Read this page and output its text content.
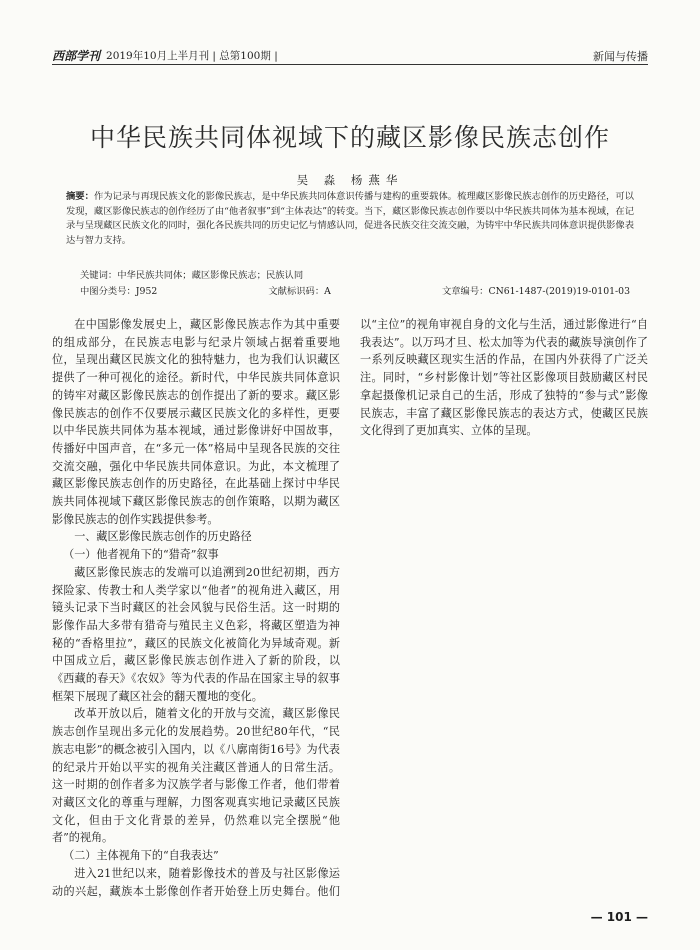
西部学刊 2019年10月上半月刊 | 总第100期 |	新闻与传播
中华民族共同体视域下的藏区影像民族志创作
吴 淼 杨燕华
摘要：作为记录与再现民族文化的影像民族志，是中华民族共同体意识传播与建构的重要载体。梳理藏区影像民族志创作的历史路径，可以发现，藏区影像民族志的创作经历了由“他者叙事”到“主体表达”的转变。当下，藏区影像民族志创作要以中华民族共同体为基本视域，在记录与呈现藏区民族文化的同时，强化各民族共同的历史记忆与情感认同，促进各民族交往交流交融，为铸牢中华民族共同体意识提供影像表达与智力支持。
关键词：中华民族共同体；藏区影像民族志；民族认同
中图分类号：J952	文献标识码：A	文章编号：CN61-1487-(2019)19-0101-03

在中国影像发展史上，藏区影像民族志作为其中重要的组成部分，在民族志电影与纪录片领域占据着重要地位，呈现出藏区民族文化的独特魅力，也为我们认识藏区提供了一种可视化的途径。新时代，中华民族共同体意识的铸牢对藏区影像民族志的创作提出了新的要求。藏区影像民族志的创作不仅要展示藏区民族文化的多样性，更要以中华民族共同体为基本视域，通过影像讲好中国故事，传播好中国声音，在“多元一体”格局中呈现各民族的交往交流交融，强化中华民族共同体意识。为此，本文梳理了藏区影像民族志创作的历史路径，在此基础上探讨中华民族共同体视域下藏区影像民族志的创作策略，以期为藏区影像民族志的创作实践提供参考。

一、藏区影像民族志创作的历史路径
（一）他者视角下的“猎奇”叙事

藏区影像民族志的发端可以追溯到20世纪初期，西方探险家、传教士和人类学家以“他者”的视角进入藏区，用镜头记录下当时藏区的社会风貌与民俗生活。这一时期的影像作品大多带有猎奇与殖民主义色彩，将藏区塑造为神秘的“香格里拉”，藏区的民族文化被简化为异域奇观。新中国成立后，藏区影像民族志创作进入了新的阶段，以《西藏的春天》《农奴》等为代表的作品在国家主导的叙事框架下展现了藏区社会的翻天覆地的变化。

改革开放以后，随着文化的开放与交流，藏区影像民族志创作呈现出多元化的发展趋势。20世纪80年代，“民族志电影”的概念被引入国内，以《八廓南街16号》为代表的纪录片开始以平实的视角关注藏区普通人的日常生活。这一时期的创作者多为汉族学者与影像工作者，他们带着对藏区文化的尊重与理解，力图客观真实地记录藏区民族文化，但由于文化背景的差异，仍然难以完全摆脱“他者”的视角。

（二）主体视角下的“自我表达”

进入21世纪以来，随着影像技术的普及与社区影像运动的兴起，藏族本土影像创作者开始登上历史舞台。他们以“主位”的视角审视自身的文化与生活，通过影像进行“自我表达”。以万玛才旦、松太加等为代表的藏族导演创作了一系列反映藏区现实生活的作品，在国内外获得了广泛关注。同时，“乡村影像计划”等社区影像项目鼓励藏区村民拿起摄像机记录自己的生活，形成了独特的“参与式”影像民族志，丰富了藏区影像民族志的表达方式，使藏区民族文化得到了更加真实、立体的呈现。

— 101 —
